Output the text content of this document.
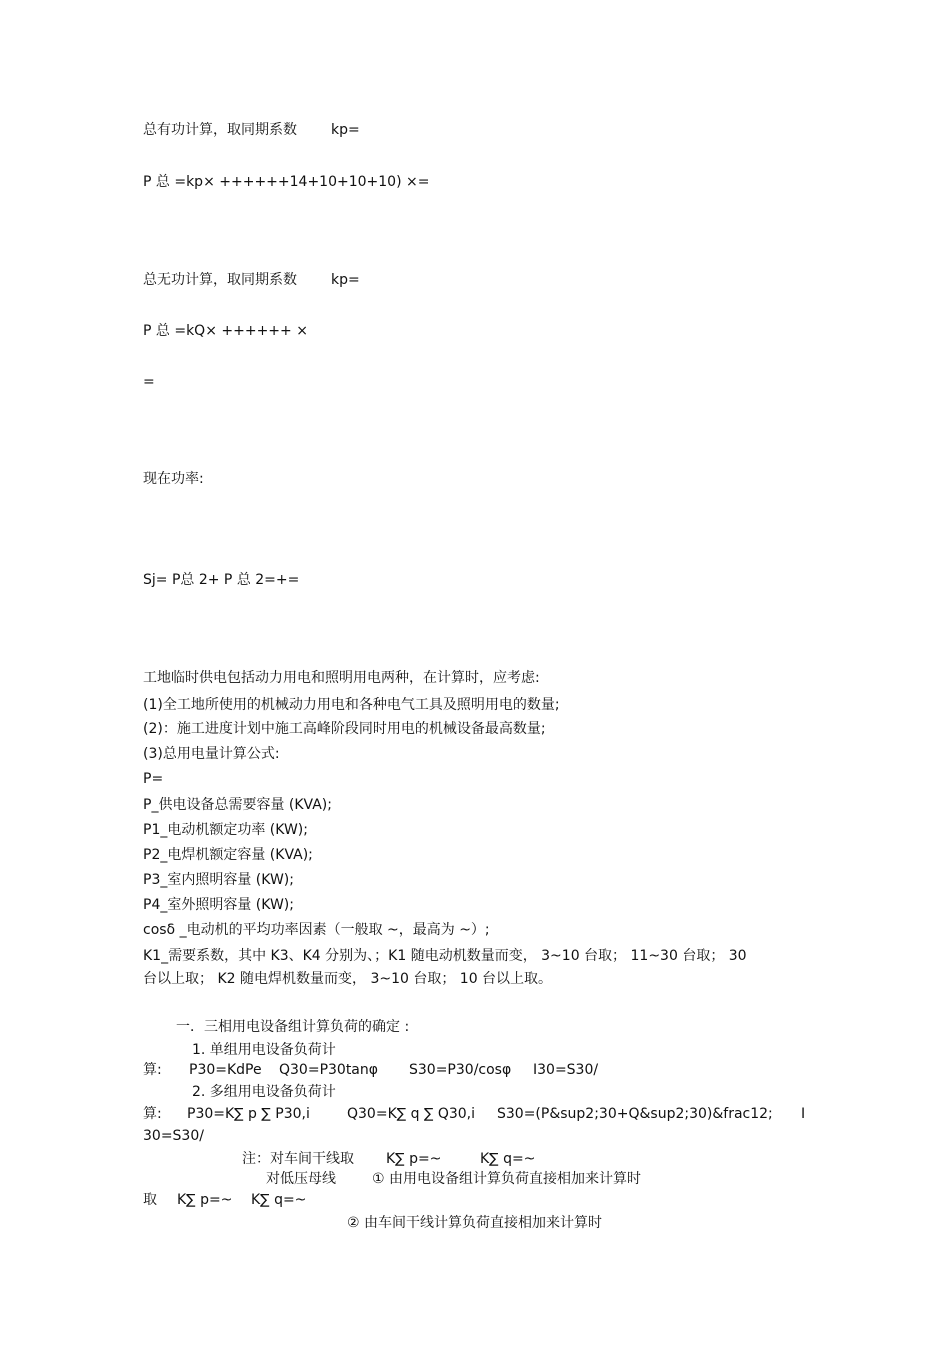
总有功计算，取同期系数 kp=
P 总 =kp× ++++++14+10+10+10) ×=
总无功计算，取同期系数 kp=
P 总 =kQ× ++++++ ×
=
现在功率:
Sj= P总 2+ P 总 2=+=
工地临时供电包括动力用电和照明用电两种，在计算时，应考虑:
(1)全工地所使用的机械动力用电和各种电气工具及照明用电的数量;
(2)：施工进度计划中施工高峰阶段同时用电的机械设备最高数量;
(3)总用电量计算公式:
P=
P_供电设备总需要容量 (KVA);
P1_电动机额定功率 (KW);
P2_电焊机额定容量 (KVA);
P3_室内照明容量 (KW);
P4_室外照明容量 (KW);
cosδ _电动机的平均功率因素（一般取 ~，最高为 ~）;
K1_需要系数，其中 K3、K4 分别为、；K1 随电动机数量而变， 3~10 台取； 11~30 台取； 30
台以上取； K2 随电焊机数量而变， 3~10 台取； 10 台以上取。
一．三相用电设备组计算负荷的确定 :
1. 单组用电设备负荷计
算: P30=KdPe Q30=P30tanφ S30=P30/cosφ I30=S30/
2. 多组用电设备负荷计
算: P30=K∑ p ∑ P30,i	Q30=K∑ q ∑ Q30,i S30=(P&sup2;30+Q&sup2;30)&frac12; I
30=S30/
注：对车间干线取 K∑ p=~	K∑ q=~
对低压母线	① 由用电设备组计算负荷直接相加来计算时
取 K∑ p=~ K∑ q=~
② 由车间干线计算负荷直接相加来计算时
